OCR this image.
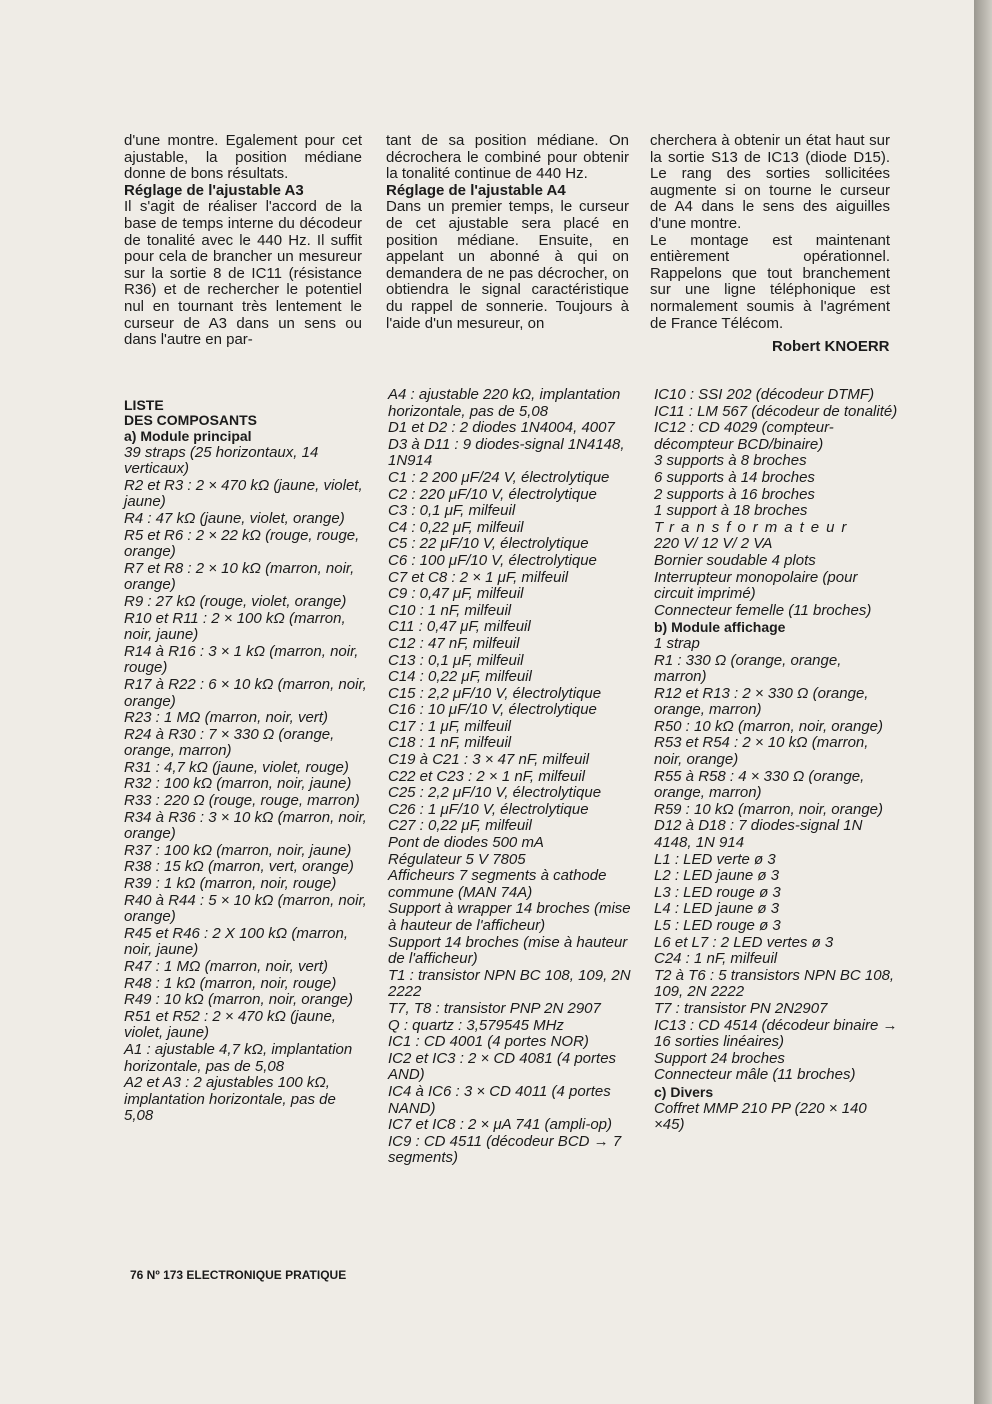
d'une montre. Egalement pour cet ajustable, la position médiane donne de bons résultats.

Réglage de l'ajustable A3

Il s'agit de réaliser l'accord de la base de temps interne du décodeur de tonalité avec le 440 Hz. Il suffit pour cela de brancher un mesureur sur la sortie 8 de IC11 (résistance R36) et de rechercher le potentiel nul en tournant très lentement le curseur de A3 dans un sens ou dans l'autre en par-

tant de sa position médiane. On décrochera le combiné pour obtenir la tonalité continue de 440 Hz.

Réglage de l'ajustable A4

Dans un premier temps, le curseur de cet ajustable sera placé en position médiane. Ensuite, en appelant un abonné à qui on demandera de ne pas décrocher, on obtiendra le signal caractéristique du rappel de sonnerie. Toujours à l'aide d'un mesureur, on

cherchera à obtenir un état haut sur la sortie S13 de IC13 (diode D15). Le rang des sorties sollicitées augmente si on tourne le curseur de A4 dans le sens des aiguilles d'une montre.

Le montage est maintenant entièrement opérationnel. Rappelons que tout branchement sur une ligne téléphonique est normalement soumis à l'agrément de France Télécom.

Robert KNOERR
LISTE
DES COMPOSANTS
a) Module principal
39 straps (25 horizontaux, 14 verticaux)
R2 et R3 : 2 × 470 kΩ (jaune, violet, jaune)
R4 : 47 kΩ (jaune, violet, orange)
R5 et R6 : 2 × 22 kΩ (rouge, rouge, orange)
R7 et R8 : 2 × 10 kΩ (marron, noir, orange)
R9 : 27 kΩ (rouge, violet, orange)
R10 et R11 : 2 × 100 kΩ (marron, noir, jaune)
R14 à R16 : 3 × 1 kΩ (marron, noir, rouge)
R17 à R22 : 6 × 10 kΩ (marron, noir, orange)
R23 : 1 MΩ (marron, noir, vert)
R24 à R30 : 7 × 330 Ω (orange, orange, marron)
R31 : 4,7 kΩ (jaune, violet, rouge)
R32 : 100 kΩ (marron, noir, jaune)
R33 : 220 Ω (rouge, rouge, marron)
R34 à R36 : 3 × 10 kΩ (marron, noir, orange)
R37 : 100 kΩ (marron, noir, jaune)
R38 : 15 kΩ (marron, vert, orange)
R39 : 1 kΩ (marron, noir, rouge)
R40 à R44 : 5 × 10 kΩ (marron, noir, orange)
R45 et R46 : 2 X 100 kΩ (marron, noir, jaune)
R47 : 1 MΩ (marron, noir, vert)
R48 : 1 kΩ (marron, noir, rouge)
R49 : 10 kΩ (marron, noir, orange)
R51 et R52 : 2 × 470 kΩ (jaune, violet, jaune)
A1 : ajustable 4,7 kΩ, implantation horizontale, pas de 5,08
A2 et A3 : 2 ajustables 100 kΩ, implantation horizontale, pas de 5,08
A4 : ajustable 220 kΩ, implantation horizontale, pas de 5,08
D1 et D2 : 2 diodes 1N4004, 4007
D3 à D11 : 9 diodes-signal 1N4148, 1N914
C1 : 2 200 μF/24 V, électrolytique
C2 : 220 μF/10 V, électrolytique
C3 : 0,1 μF, milfeuil
C4 : 0,22 μF, milfeuil
C5 : 22 μF/10 V, électrolytique
C6 : 100 μF/10 V, électrolytique
C7 et C8 : 2 × 1 μF, milfeuil
C9 : 0,47 μF, milfeuil
C10 : 1 nF, milfeuil
C11 : 0,47 μF, milfeuil
C12 : 47 nF, milfeuil
C13 : 0,1 μF, milfeuil
C14 : 0,22 μF, milfeuil
C15 : 2,2 μF/10 V, électrolytique
C16 : 10 μF/10 V, électrolytique
C17 : 1 μF, milfeuil
C18 : 1 nF, milfeuil
C19 à C21 : 3 × 47 nF, milfeuil
C22 et C23 : 2 × 1 nF, milfeuil
C25 : 2,2 μF/10 V, électrolytique
C26 : 1 μF/10 V, électrolytique
C27 : 0,22 μF, milfeuil
Pont de diodes 500 mA
Régulateur 5 V 7805
Afficheurs 7 segments à cathode commune (MAN 74A)
Support à wrapper 14 broches (mise à hauteur de l'afficheur)
Support 14 broches (mise à hauteur de l'afficheur)
T1 : transistor NPN BC 108, 109, 2N 2222
T7, T8 : transistor PNP 2N 2907
Q : quartz : 3,579545 MHz
IC1 : CD 4001 (4 portes NOR)
IC2 et IC3 : 2 × CD 4081 (4 portes AND)
IC4 à IC6 : 3 × CD 4011 (4 portes NAND)
IC7 et IC8 : 2 × μA 741 (ampli-op)
IC9 : CD 4511 (décodeur BCD → 7 segments)
IC10 : SSI 202 (décodeur DTMF)
IC11 : LM 567 (décodeur de tonalité)
IC12 : CD 4029 (compteur-décompteur BCD/binaire)
3 supports à 8 broches
6 supports à 14 broches
2 supports à 16 broches
1 support à 18 broches
Transformateur
220 V/ 12 V/ 2 VA
Bornier soudable 4 plots
Interrupteur monopolaire (pour circuit imprimé)
Connecteur femelle (11 broches)
b) Module affichage
1 strap
R1 : 330 Ω (orange, orange, marron)
R12 et R13 : 2 × 330 Ω (orange, orange, marron)
R50 : 10 kΩ (marron, noir, orange)
R53 et R54 : 2 × 10 kΩ (marron, noir, orange)
R55 à R58 : 4 × 330 Ω (orange, orange, marron)
R59 : 10 kΩ (marron, noir, orange)
D12 à D18 : 7 diodes-signal 1N 4148, 1N 914
L1 : LED verte ø 3
L2 : LED jaune ø 3
L3 : LED rouge ø 3
L4 : LED jaune ø 3
L5 : LED rouge ø 3
L6 et L7 : 2 LED vertes ø 3
C24 : 1 nF, milfeuil
T2 à T6 : 5 transistors NPN BC 108, 109, 2N 2222
T7 : transistor PN 2N2907
IC13 : CD 4514 (décodeur binaire → 16 sorties linéaires)
Support 24 broches
Connecteur mâle (11 broches)
c) Divers
Coffret MMP 210 PP (220 × 140 ×45)
76 Nº 173 ELECTRONIQUE PRATIQUE
